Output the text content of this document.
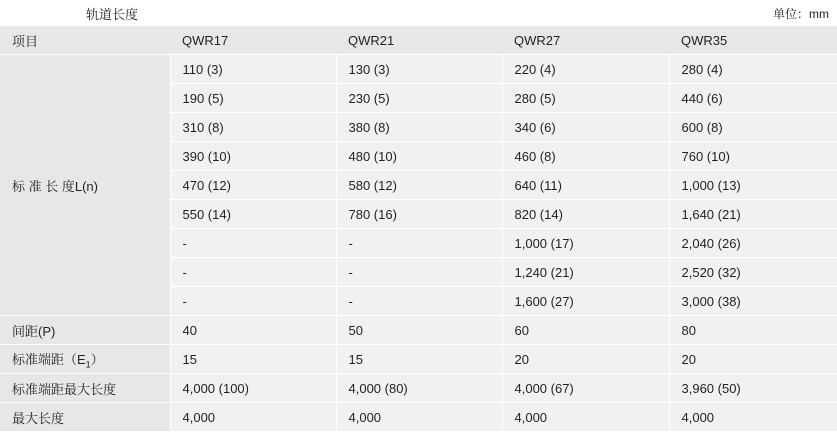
轨道长度	单位：mm
项目	QWR17	QWR21	QWR27	QWR35
标 准 长 度L(n)	110 (3)	130 (3)	220 (4)	280 (4)
	190 (5)	230 (5)	280 (5)	440 (6)
	310 (8)	380 (8)	340 (6)	600 (8)
	390 (10)	480 (10)	460 (8)	760 (10)
	470 (12)	580 (12)	640 (11)	1,000 (13)
	550 (14)	780 (16)	820 (14)	1,640 (21)
	-	-	1,000 (17)	2,040 (26)
	-	-	1,240 (21)	2,520 (32)
	-	-	1,600 (27)	3,000 (38)
间距(P)	40	50	60	80
标准端距$(E_1)$	15	15	20	20
标准端距最大长度	4,000 (100)	4,000 (80)	4,000 (67)	3,960 (50)
最大长度	4,000	4,000	4,000	4,000
